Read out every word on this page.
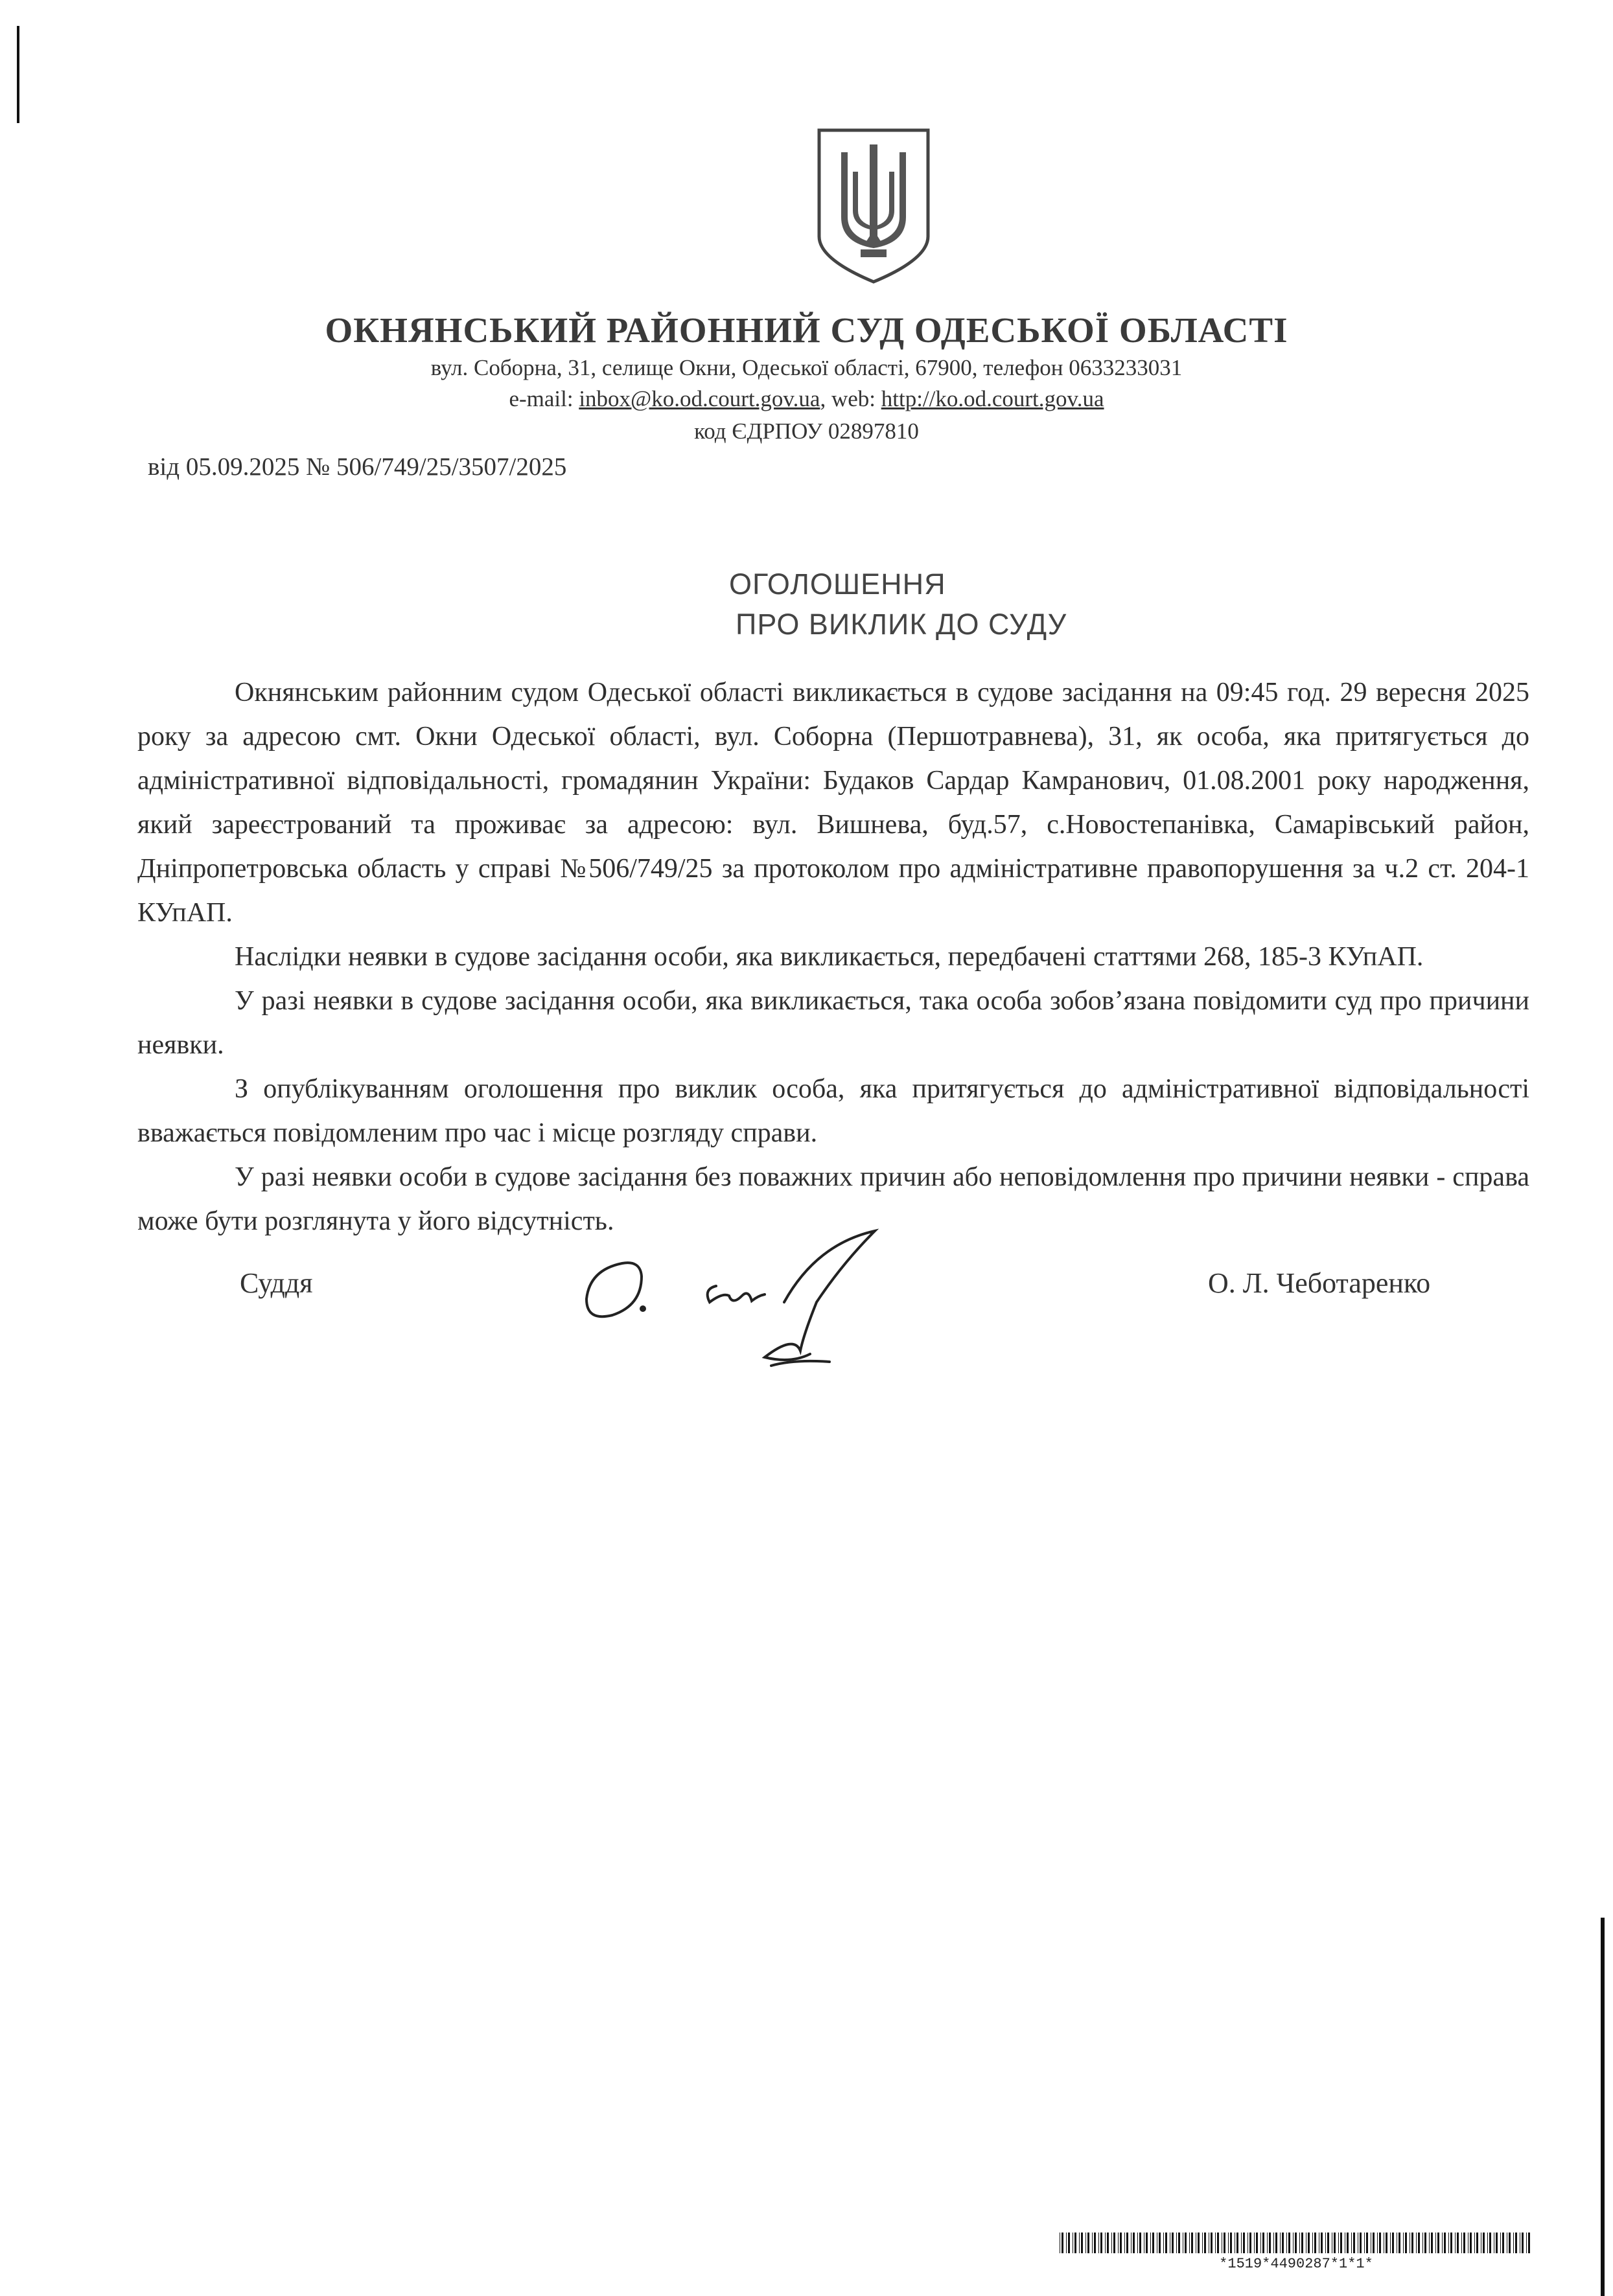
ОКНЯНСЬКИЙ РАЙОННИЙ СУД ОДЕСЬКОЇ ОБЛАСТІ
вул. Соборна, 31, селище Окни, Одеської області, 67900, телефон 0633233031
e-mail: inbox@ko.od.court.gov.ua, web: http://ko.od.court.gov.ua
код ЄДРПОУ 02897810
від 05.09.2025 № 506/749/25/3507/2025
ОГОЛОШЕННЯ
ПРО ВИКЛИК ДО СУДУ

Окнянським районним судом Одеської області викликається в судове засідання на 09:45 год. 29 вересня 2025 року за адресою смт. Окни Одеської області, вул. Соборна (Першотравнева), 31, як особа, яка притягується до адміністративної відповідальності, громадянин України: Будаков Сардар Камранович, 01.08.2001 року народження, який зареєстрований та проживає за адресою: вул. Вишнева, буд.57, с.Новостепанівка, Самарівський район, Дніпропетровська область у справі №506/749/25 за протоколом про адміністративне правопорушення за ч.2 ст. 204-1 КУпАП.

Наслідки неявки в судове засідання особи, яка викликається, передбачені статтями 268, 185-3 КУпАП.

У разі неявки в судове засідання особи, яка викликається, така особа зобов’язана повідомити суд про причини неявки.

З опублікуванням оголошення про виклик особа, яка притягується до адміністративної відповідальності вважається повідомленим про час і місце розгляду справи.

У разі неявки особи в судове засідання без поважних причин або неповідомлення про причини неявки - справа може бути розглянута у його відсутність.

Суддя	О. Л. Чеботаренко
*1519*4490287*1*1*
